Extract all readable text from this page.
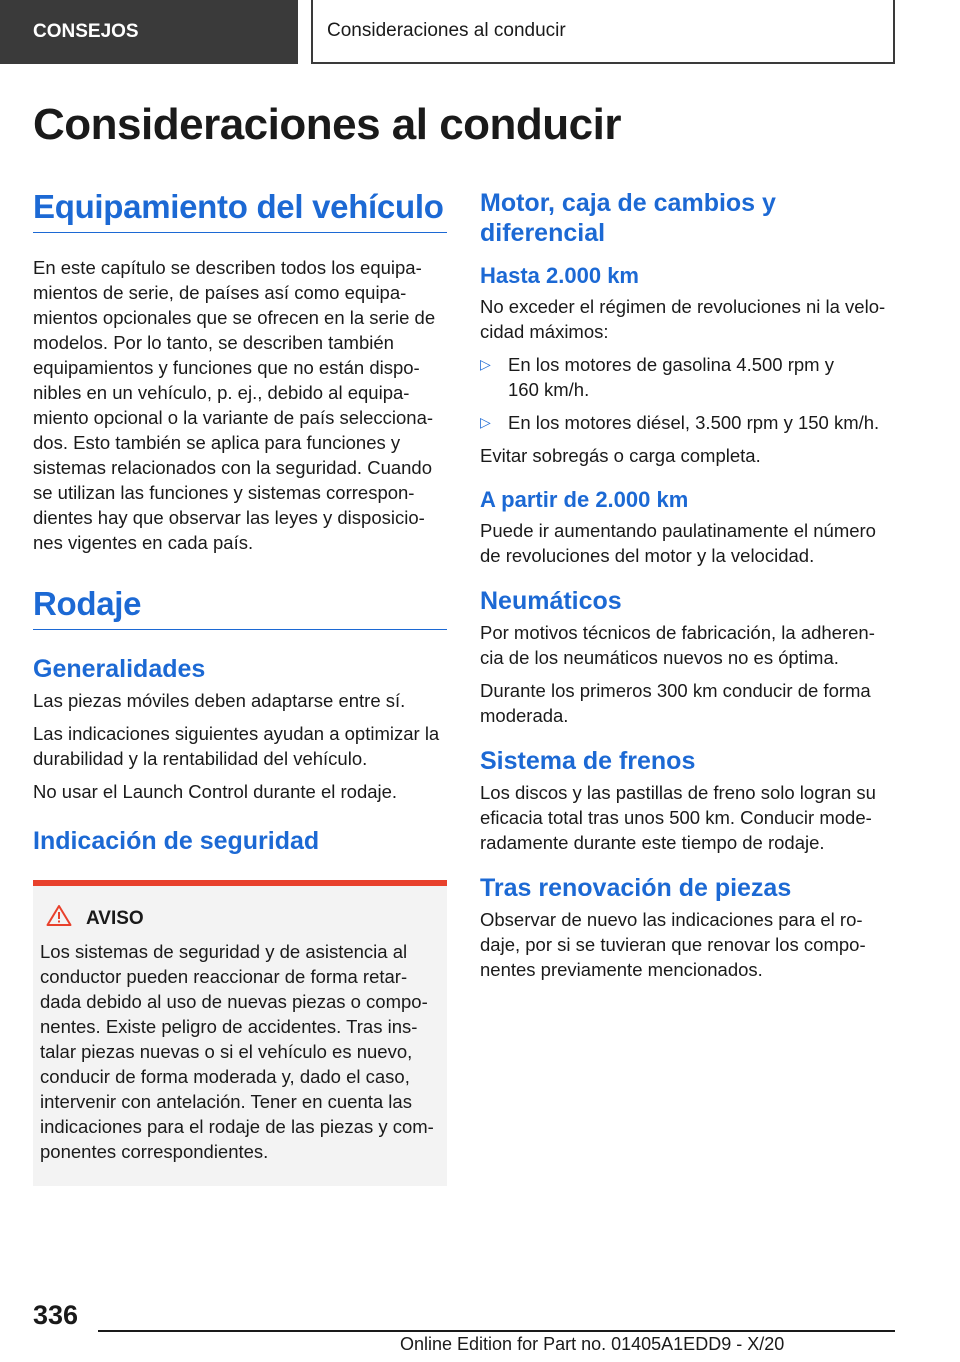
CONSEJOS	Consideraciones al conducir
Consideraciones al conducir
Equipamiento del vehículo

En este capítulo se describen todos los equipa‐

mientos de serie, de países así como equipa‐

mientos opcionales que se ofrecen en la serie de

modelos. Por lo tanto, se describen también

equipamientos y funciones que no están dispo‐

nibles en un vehículo, p. ej., debido al equipa‐

miento opcional o la variante de país selecciona‐

dos. Esto también se aplica para funciones y

sistemas relacionados con la seguridad. Cuando

se utilizan las funciones y sistemas correspon‐

dientes hay que observar las leyes y disposicio‐

nes vigentes en cada país.

Rodaje
Generalidades

Las piezas móviles deben adaptarse entre sí.

Las indicaciones siguientes ayudan a optimizar la

durabilidad y la rentabilidad del vehículo.

No usar el Launch Control durante el rodaje.

Indicación de seguridad
AVISO

Los sistemas de seguridad y de asistencia al

conductor pueden reaccionar de forma retar‐

dada debido al uso de nuevas piezas o compo‐

nentes. Existe peligro de accidentes. Tras ins‐

talar piezas nuevas o si el vehículo es nuevo,

conducir de forma moderada y, dado el caso,

intervenir con antelación. Tener en cuenta las

indicaciones para el rodaje de las piezas y com‐

ponentes correspondientes.

Motor, caja de cambios y
diferencial
Hasta 2.000 km

No exceder el régimen de revoluciones ni la velo‐

cidad máximos:

▷ En los motores de gasolina 4.500 rpm y
160 km/h.
▷ En los motores diésel, 3.500 rpm y 150 km/h.

Evitar sobregás o carga completa.

A partir de 2.000 km

Puede ir aumentando paulatinamente el número

de revoluciones del motor y la velocidad.

Neumáticos

Por motivos técnicos de fabricación, la adheren‐

cia de los neumáticos nuevos no es óptima.

Durante los primeros 300 km conducir de forma

moderada.

Sistema de frenos

Los discos y las pastillas de freno solo logran su

eficacia total tras unos 500 km. Conducir mode‐

radamente durante este tiempo de rodaje.

Tras renovación de piezas

Observar de nuevo las indicaciones para el ro‐

daje, por si se tuvieran que renovar los compo‐

nentes previamente mencionados.

336
Online Edition for Part no. 01405A1EDD9 - X/20
